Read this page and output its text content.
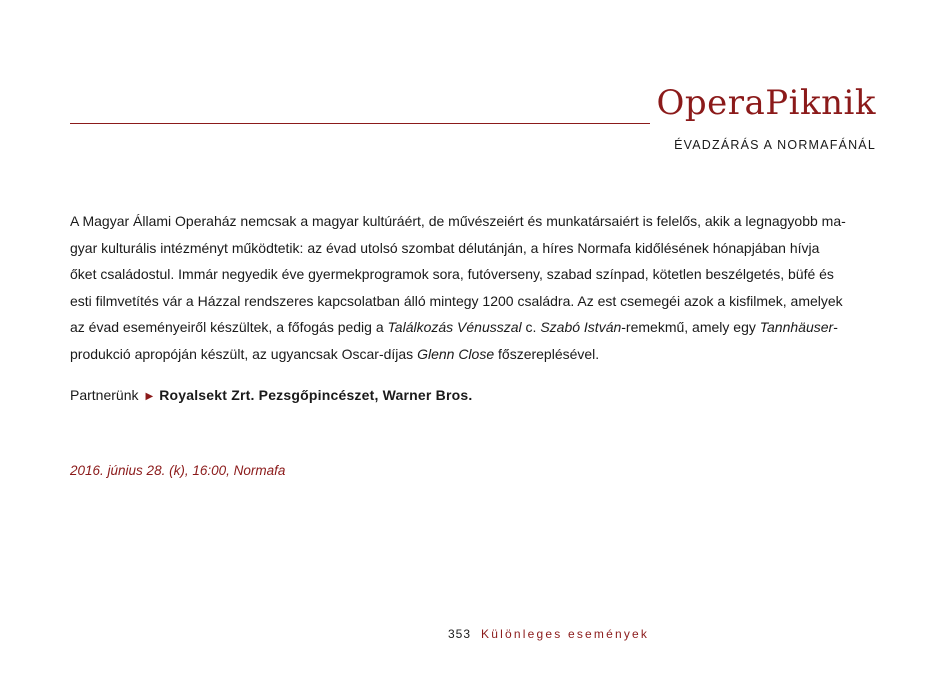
OperaPiknik
ÉVADZÁRÁS A NORMAFÁNÁL

A Magyar Állami Operaház nemcsak a magyar kultúráért, de művészeiért és munkatársaiért is felelős, akik a legnagyobb ma-

gyar kulturális intézményt működtetik: az évad utolsó szombat délutánján, a híres Normafa kidőlésének hónapjában hívja

őket családostul. Immár negyedik éve gyermekprogramok sora, futóverseny, szabad színpad, kötetlen beszélgetés, büfé és

esti filmvetítés vár a Házzal rendszeres kapcsolatban álló mintegy 1200 családra. Az est csemegéi azok a kisfilmek, amelyek

az évad eseményeiről készültek, a főfogás pedig a Találkozás Vénusszal c. Szabó István-remekmű, amely egy Tannhäuser-

produkció apropóján készült, az ugyancsak Oscar-díjas Glenn Close főszereplésével.

Partnerünk ▶ Royalsekt Zrt. Pezsgőpincészet, Warner Bros.
2016. június 28. (k), 16:00, Normafa
353 Különleges események
